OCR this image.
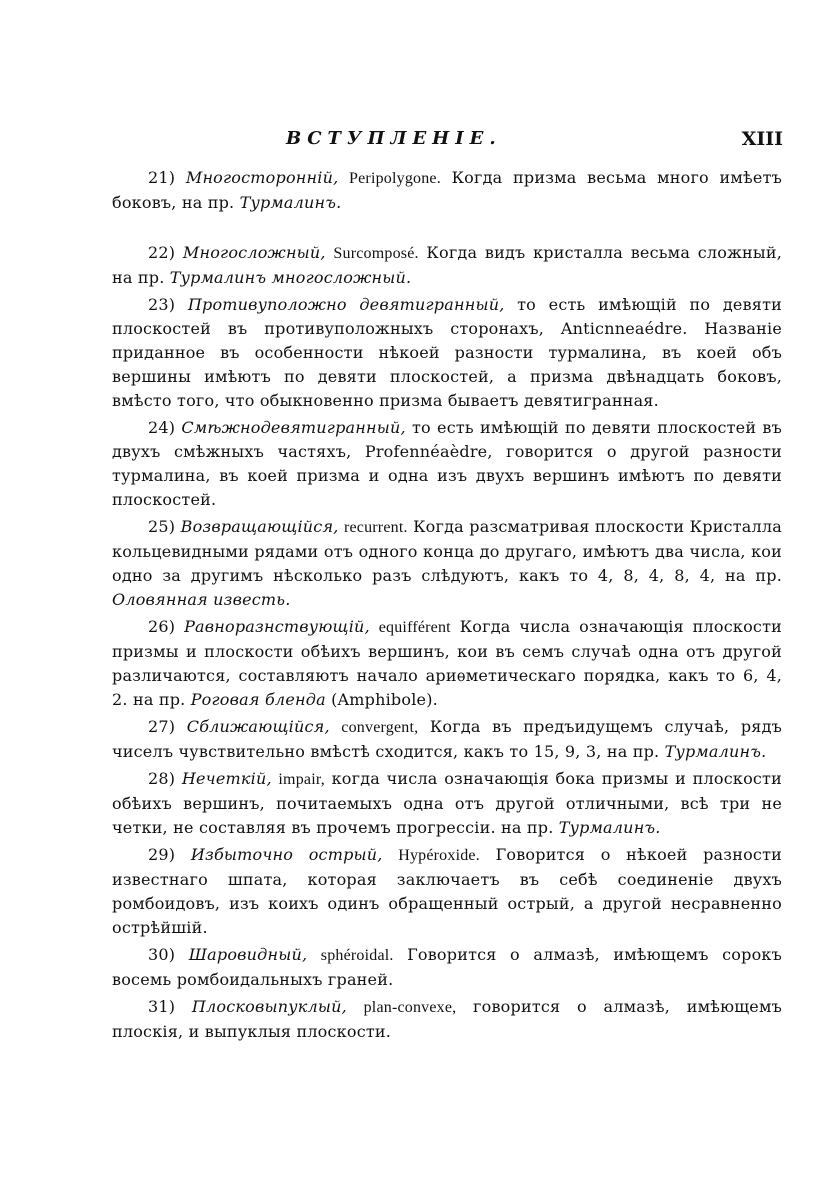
ВСТУПЛЕНІЕ.	XIII

21) Многосторонній, Peripolygone. Когда призма весьма много имѣетъ боковъ, на пр. Турмалинъ.

22) Многосложный, Surcomposé. Когда видъ кристалла весьма сложный, на пр. Турмалинъ многосложный.

23) Противуположно девятигранный, то есть имѣющій по девяти плоскостей въ противуположныхъ сторонахъ, Anticnneaédre. Названіе приданное въ особенности нѣкоей разности турмалина, въ коей объ вершины имѣютъ по девяти плоскостей, а призма двѣнадцать боковъ, вмѣсто того, что обыкновенно призма бываетъ девятигранная.

24) Смѣжнодевятигранный, то есть имѣющій по девяти плоскостей въ двухъ смѣжныхъ частяхъ, Profennéaèdre, говорится о другой разности турмалина, въ коей призма и одна изъ двухъ вершинъ имѣютъ по девяти плоскостей.

25) Возвращающійся, recurrent. Когда разсматривая плоскости Кристалла кольцевидными рядами отъ одного конца до другаго, имѣютъ два числа, кои одно за другимъ нѣсколько разъ слѣдуютъ, какъ то 4, 8, 4, 8, 4, на пр. Оловянная известь.

26) Равноразнствующій, equifférent Когда числа означающія плоскости призмы и плоскости обѣихъ вершинъ, кои въ семъ случаѣ одна отъ другой различаются, составляютъ начало ариѳметическаго порядка, какъ то 6, 4, 2. на пр. Роговая бленда (Amphibole).

27) Сближающійся, convergent, Когда въ предъидущемъ случаѣ, рядъ чиселъ чувствительно вмѣстѣ сходится, какъ то 15, 9, 3, на пр. Турмалинъ.

28) Нечеткій, impair, когда числа означающія бока призмы и плоскости обѣихъ вершинъ, почитаемыхъ одна отъ другой отличными, всѣ три не четки, не составляя въ прочемъ прогрессіи. на пр. Турмалинъ.

29) Избыточно острый, Hypéroxide. Говорится о нѣкоей разности известнаго шпата, которая заключаетъ въ себѣ соединеніе двухъ ромбоидовъ, изъ коихъ одинъ обращенный острый, а другой несравненно острѣйшій.

30) Шаровидный, sphéroidal. Говорится о алмазѣ, имѣющемъ сорокъ восемь ромбоидальныхъ граней.

31) Плосковыпуклый, plan-convexe, говорится о алмазѣ, имѣющемъ плоскія, и выпуклыя плоскости.
